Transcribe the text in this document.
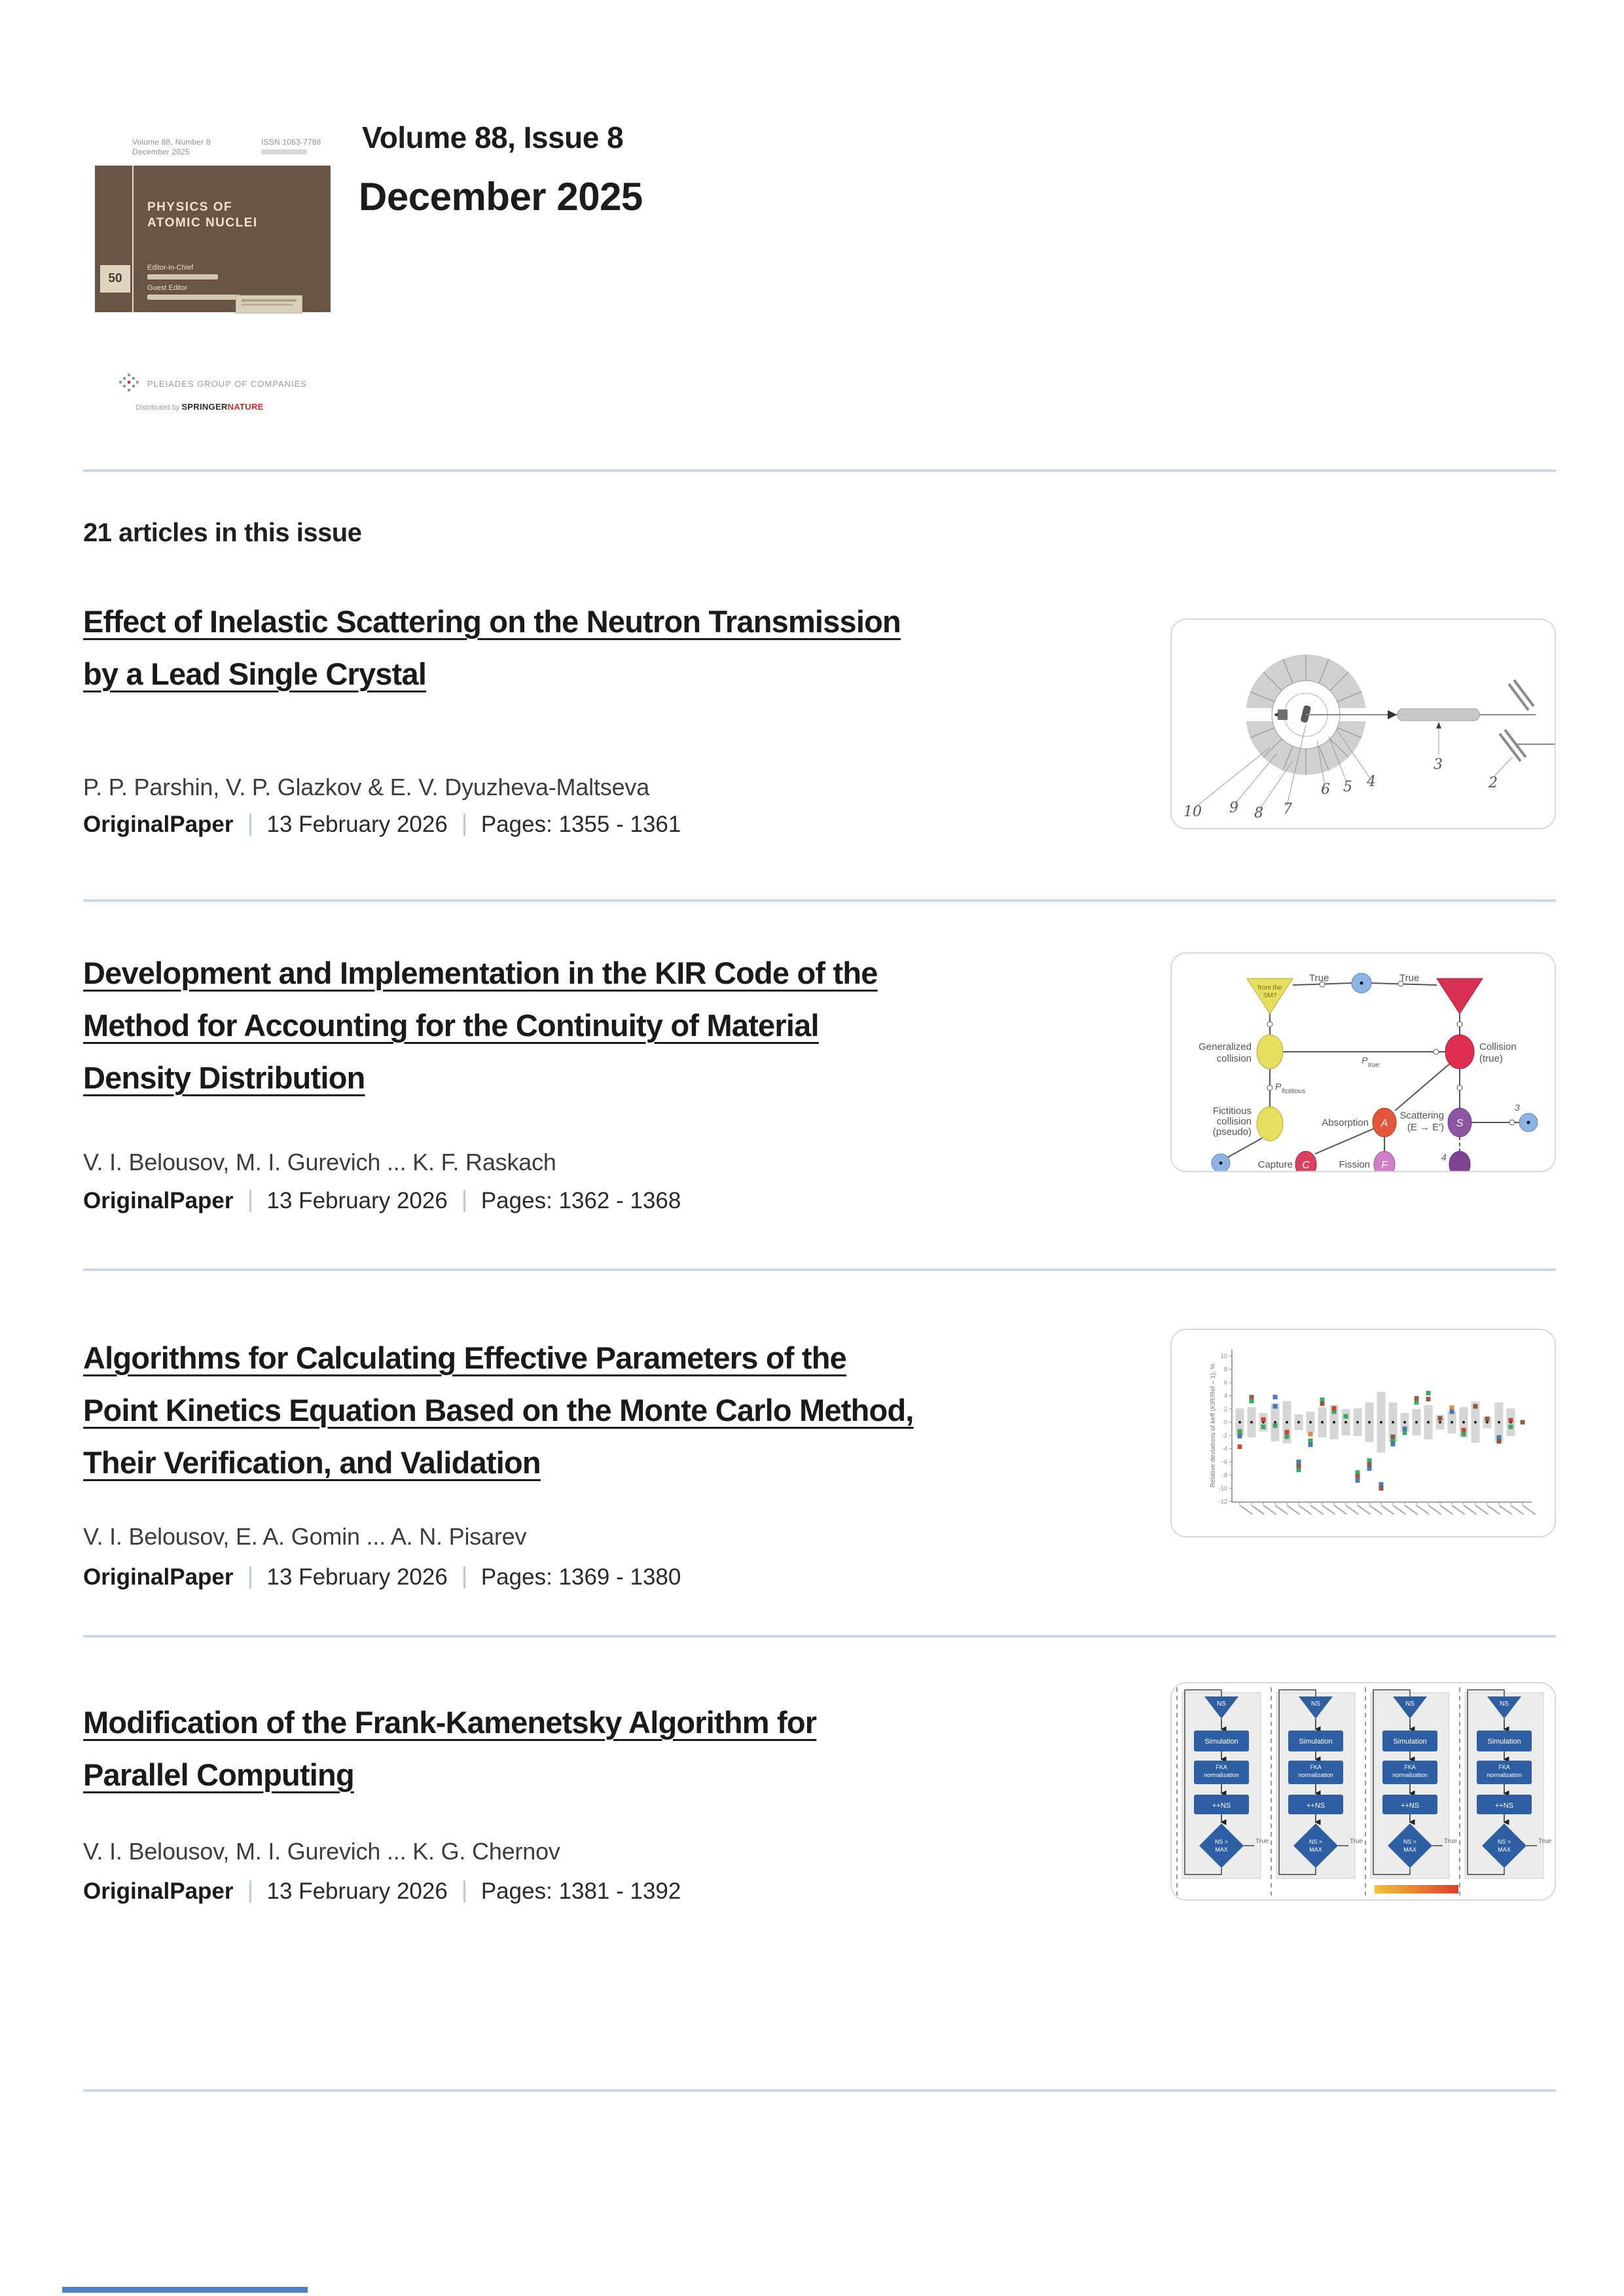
Volume 88, Number 8
December 2025
ISSN 1063-7788
PHYSICS OF
ATOMIC NUCLEI
50
Editor-in-Chief
Guest Editor
PLEIADES GROUP OF COMPANIES
Distributed by SPRINGERNATURE
Volume 88, Issue 8
December 2025
21 articles in this issue
Effect of Inelastic Scattering on the Neutron Transmission
by a Lead Single Crystal
P. P. Parshin, V. P. Glazkov & E. V. Dyuzheva-Maltseva
OriginalPaper 13 February 2026 Pages: 1355 - 1361	10 9 8 7
6 5 4
3
2
Development and Implementation in the KIR Code of the
Method for Accounting for the Continuity of Material
Density Distribution
V. I. Belousov, M. I. Gurevich ... K. F. Raskach
OriginalPaper 13 February 2026 Pages: 1362 - 1368
True	True
from the
SM?
Generalized
collision
Collision
(true)
Fictitious
collision
(pseudo)
Absorption
Scattering
(E → E′)
Capture	Fission
P true
P fictitious
3
4
A	S
C	F
Algorithms for Calculating Effective Parameters of the
Point Kinetics Equation Based on the Monte Carlo Method,
Their Verification, and Validation
V. I. Belousov, E. A. Gomin ... A. N. Pisarev
OriginalPaper 13 February 2026 Pages: 1369 - 1380
Relative deviations of keff (KIR/Ref – 1), %
10
8
6
4
2
0
-2
-4
-6
-8
-10
-12
Modification of the Frank-Kamenetsky Algorithm for
Parallel Computing
V. I. Belousov, M. I. Gurevich ... K. G. Chernov
OriginalPaper 13 February 2026 Pages: 1381 - 1392
NS
Simulation
FKA
normalization
++NS
NS >
MAX
True
NS
Simulation
FKA
normalization
++NS
NS >
MAX
True
NS
Simulation
FKA
normalization
++NS
NS >
MAX
True
NS
Simulation
FKA
normalization
++NS
NS >
MAX
True
